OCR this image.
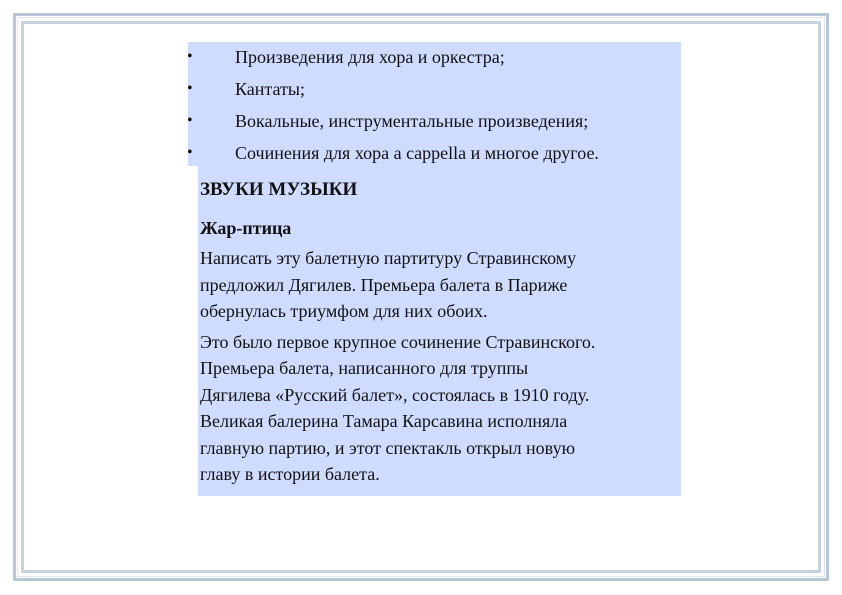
• Произведения для хора и оркестра;
• Кантаты;
• Вокальные, инструментальные произведения;
• Сочинения для хора а cappella и многое другое.
ЗВУКИ МУЗЫКИ
Жар-птица
Написать эту балетную партитуру Стравинскому
предложил Дягилев. Премьера балета в Париже
обернулась триумфом для них обоих.
Это было первое крупное сочинение Стравинского.
Премьера балета, написанного для труппы
Дягилева «Русский балет», состоялась в 1910 году.
Великая балерина Тамара Карсавина исполняла
главную партию, и этот спектакль открыл новую
главу в истории балета.
